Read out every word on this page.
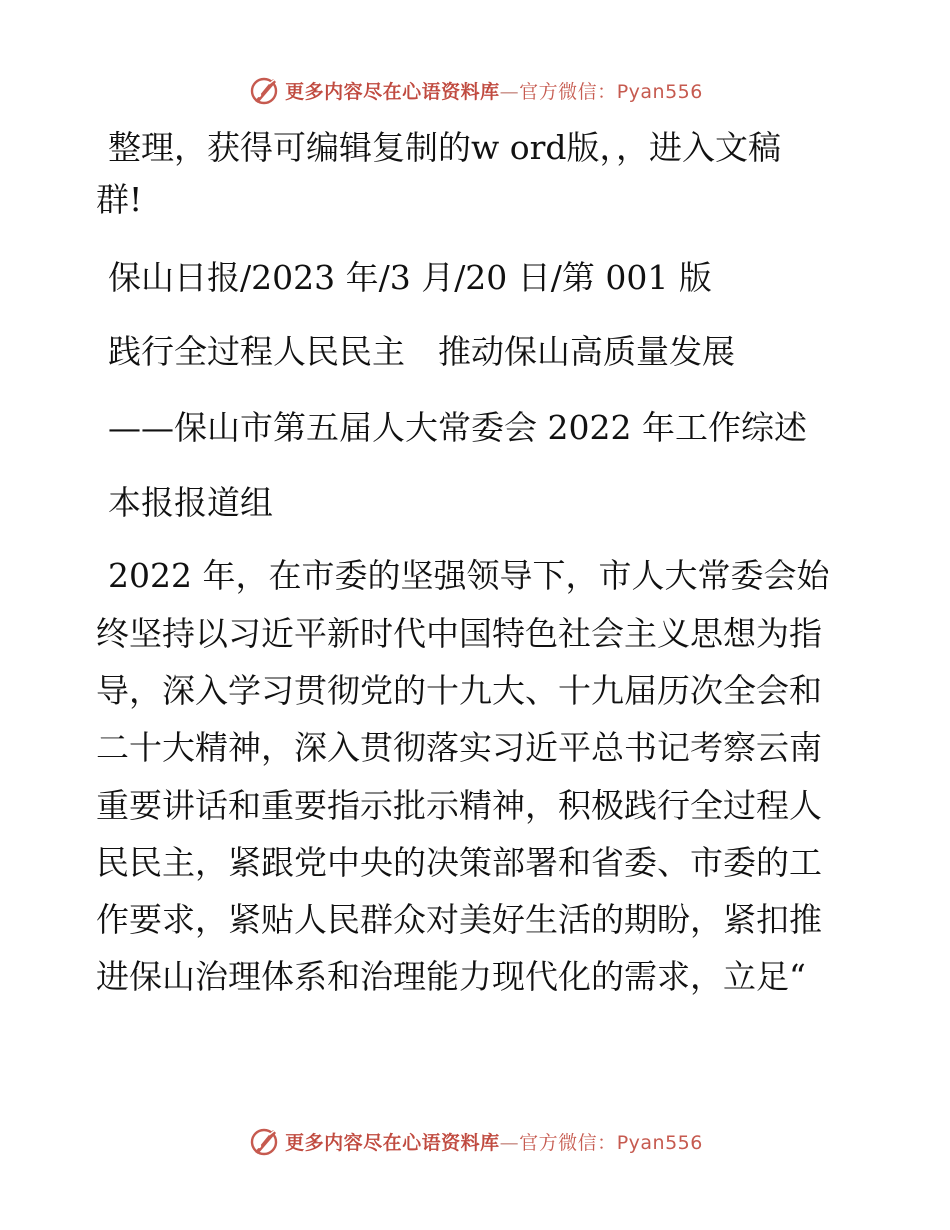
更多内容尽在心语资料库—官方微信：Pyan556
整理，获得可编辑复制的w ord版，，进入文稿
群!
保山日报/2023 年/3 月/20 日/第 001 版
践行全过程人民民主　推动保山高质量发展
——保山市第五届人大常委会 2022 年工作综述
本报报道组
2022 年，在市委的坚强领导下，市人大常委会始
终坚持以习近平新时代中国特色社会主义思想为指
导，深入学习贯彻党的十九大、十九届历次全会和
二十大精神，深入贯彻落实习近平总书记考察云南
重要讲话和重要指示批示精神，积极践行全过程人
民民主，紧跟党中央的决策部署和省委、市委的工
作要求，紧贴人民群众对美好生活的期盼，紧扣推
进保山治理体系和治理能力现代化的需求，立足“
更多内容尽在心语资料库—官方微信：Pyan556
